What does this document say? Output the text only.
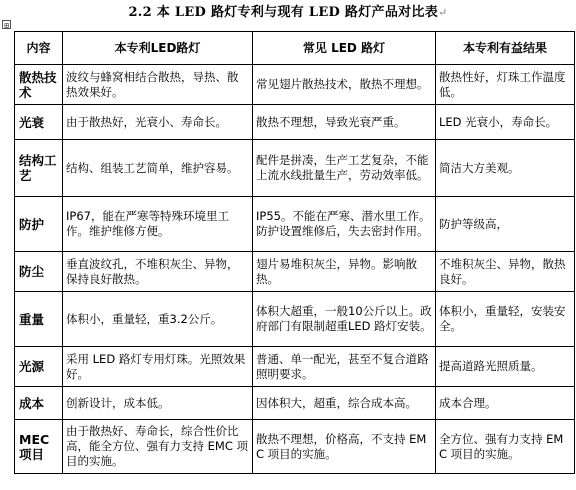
⊞
2.2 本 LED 路灯专利与现有 LED 路灯产品对比表↵
内容	本专利LED路灯	常见 LED 路灯	本专利有益结果
散热技术	波纹与蜂窝相结合散热，导热、散热效果好。	常见翅片散热技术，散热不理想。	散热性好，灯珠工作温度低。
光衰	由于散热好，光衰小、寿命长。	散热不理想，导致光衰严重。	LED 光衰小，寿命长。
结构工艺	结构、组装工艺简单，维护容易。	配件是拼凑，生产工艺复杂，不能上流水线批量生产，劳动效率低。	简洁大方美观。
防护	IP67，能在严寒等特殊环境里工作。维护维修方便。	IP55。不能在严寒、潜水里工作。防护设置维修后，失去密封作用。	防护等级高，
防尘	垂直波纹孔，不堆积灰尘、异物，保持良好散热。	翅片易堆积灰尘，异物。影响散热。	不堆积灰尘、异物，散热良好。
重量	体积小，重量轻，重3.2公斤。	体积大超重，一般10公斤以上。政府部门有限制超重LED 路灯安装。	体积小，重量轻，安装安全。
光源	采用 LED 路灯专用灯珠。光照效果好。	普通、单一配光，甚至不复合道路照明要求。	提高道路光照质量。
成本	创新设计，成本低。	因体积大，超重，综合成本高。	成本合理。
MEC 项目	由于散热好、寿命长，综合性价比高，能全方位、强有力支持 EMC 项目的实施。	散热不理想，价格高，不支持 EMC 项目的实施。	全方位、强有力支持 EMC 项目的实施。
